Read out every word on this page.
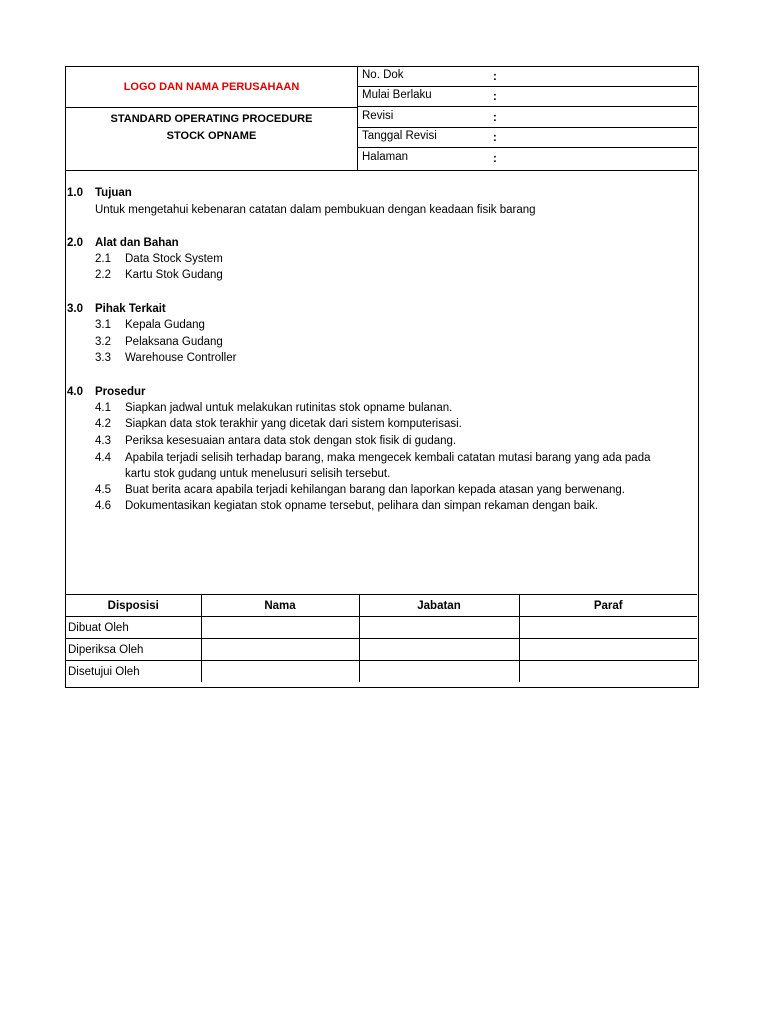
LOGO DAN NAMA PERUSAHAAN
STANDARD OPERATING PROCEDURE
STOCK OPNAME
No. Dok	:
Mulai Berlaku	:
Revisi	:
Tanggal Revisi	:
Halaman	:
1.0 Tujuan
Untuk mengetahui kebenaran catatan dalam pembukuan dengan keadaan fisik barang
2.0 Alat dan Bahan
2.1 Data Stock System
2.2 Kartu Stok Gudang
3.0 Pihak Terkait
3.1 Kepala Gudang
3.2 Pelaksana Gudang
3.3 Warehouse Controller
4.0 Prosedur
4.1 Siapkan jadwal untuk melakukan rutinitas stok opname bulanan.
4.2 Siapkan data stok terakhir yang dicetak dari sistem komputerisasi.
4.3 Periksa kesesuaian antara data stok dengan stok fisik di gudang.
4.4 Apabila terjadi selisih terhadap barang, maka mengecek kembali catatan mutasi barang yang ada pada
kartu stok gudang untuk menelusuri selisih tersebut.
4.5 Buat berita acara apabila terjadi kehilangan barang dan laporkan kepada atasan yang berwenang.
4.6 Dokumentasikan kegiatan stok opname tersebut, pelihara dan simpan rekaman dengan baik.
Disposisi	Nama	Jabatan	Paraf
Dibuat Oleh			
Diperiksa Oleh			
Disetujui Oleh			
